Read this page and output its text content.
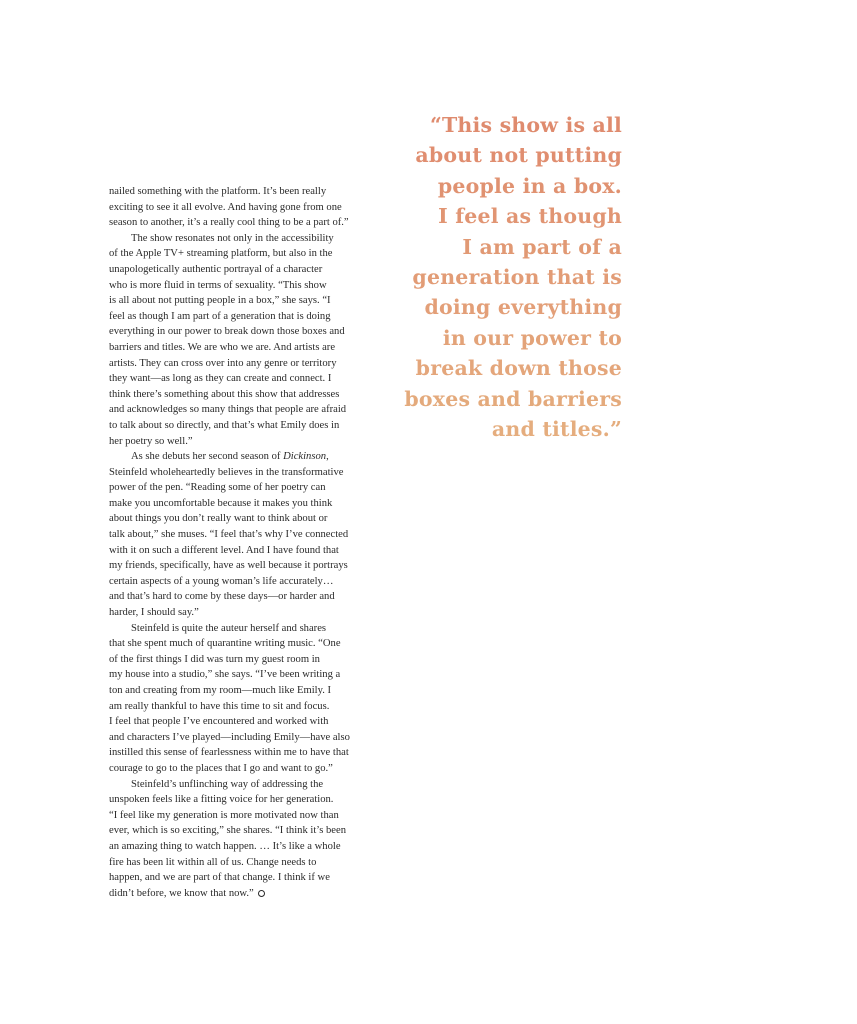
“This show is all
about not putting
people in a box.
I feel as though
I am part of a
generation that is
doing everything
in our power to
break down those
boxes and barriers
and titles.”
nailed something with the platform. It’s been really
exciting to see it all evolve. And having gone from one
season to another, it’s a really cool thing to be a part of.”
The show resonates not only in the accessibility
of the Apple TV+ streaming platform, but also in the
unapologetically authentic portrayal of a character
who is more fluid in terms of sexuality. “This show
is all about not putting people in a box,” she says. “I
feel as though I am part of a generation that is doing
everything in our power to break down those boxes and
barriers and titles. We are who we are. And artists are
artists. They can cross over into any genre or territory
they want—as long as they can create and connect. I
think there’s something about this show that addresses
and acknowledges so many things that people are afraid
to talk about so directly, and that’s what Emily does in
her poetry so well.”
As she debuts her second season of Dickinson,
Steinfeld wholeheartedly believes in the transformative
power of the pen. “Reading some of her poetry can
make you uncomfortable because it makes you think
about things you don’t really want to think about or
talk about,” she muses. “I feel that’s why I’ve connected
with it on such a different level. And I have found that
my friends, specifically, have as well because it portrays
certain aspects of a young woman’s life accurately…
and that’s hard to come by these days—or harder and
harder, I should say.”
Steinfeld is quite the auteur herself and shares
that she spent much of quarantine writing music. “One
of the first things I did was turn my guest room in
my house into a studio,” she says. “I’ve been writing a
ton and creating from my room—much like Emily. I
am really thankful to have this time to sit and focus.
I feel that people I’ve encountered and worked with
and characters I’ve played—including Emily—have also
instilled this sense of fearlessness within me to have that
courage to go to the places that I go and want to go.”
Steinfeld’s unflinching way of addressing the
unspoken feels like a fitting voice for her generation.
“I feel like my generation is more motivated now than
ever, which is so exciting,” she shares. “I think it’s been
an amazing thing to watch happen. … It’s like a whole
fire has been lit within all of us. Change needs to
happen, and we are part of that change. I think if we
didn’t before, we know that now.”
